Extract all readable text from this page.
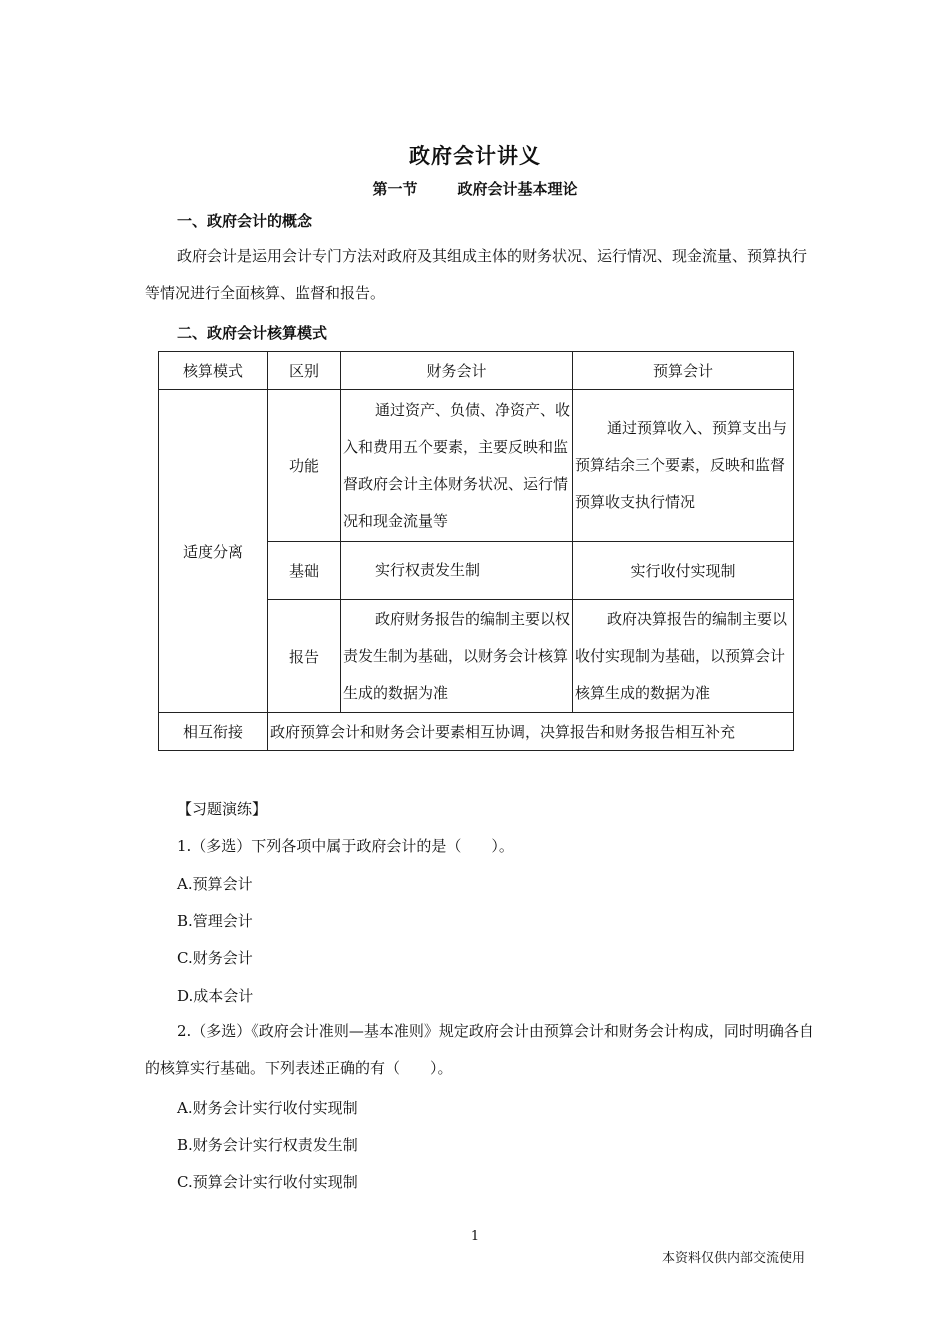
政府会计讲义
第一节	政府会计基本理论
一、政府会计的概念
政府会计是运用会计专门方法对政府及其组成主体的财务状况、运行情况、现金流量、预算执行等情况进行全面核算、监督和报告。
二、政府会计核算模式
核算模式	区别	财务会计	预算会计
适度分离	功能	通过资产、负债、净资产、收入和费用五个要素，主要反映和监督政府会计主体财务状况、运行情况和现金流量等	通过预算收入、预算支出与预算结余三个要素，反映和监督预算收支执行情况
	基础	实行权责发生制	实行收付实现制
	报告	政府财务报告的编制主要以权责发生制为基础，以财务会计核算生成的数据为准	政府决算报告的编制主要以收付实现制为基础，以预算会计核算生成的数据为准
相互衔接	政府预算会计和财务会计要素相互协调，决算报告和财务报告相互补充		
【习题演练】
1.（多选）下列各项中属于政府会计的是（　　）。
A.预算会计
B.管理会计
C.财务会计
D.成本会计
2.（多选）《政府会计准则—基本准则》规定政府会计由预算会计和财务会计构成，同时明确各自的核算实行基础。下列表述正确的有（　　）。
A.财务会计实行收付实现制
B.财务会计实行权责发生制
C.预算会计实行收付实现制
1
本资料仅供内部交流使用
